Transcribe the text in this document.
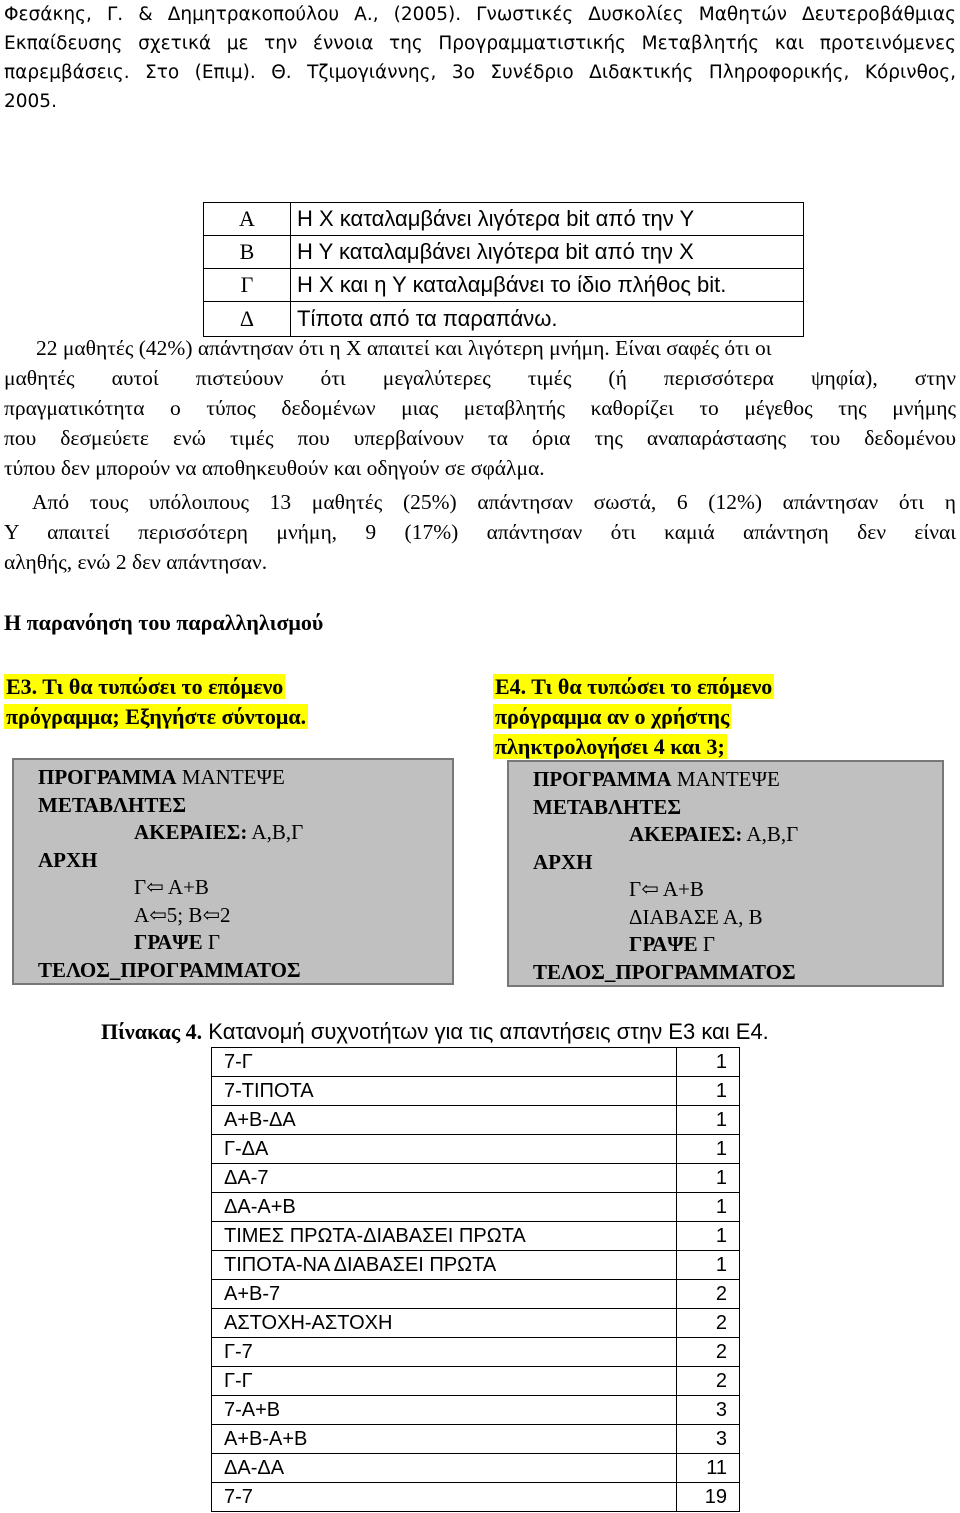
Φεσάκης, Γ. & Δημητρακοπούλου Α., (2005). Γνωστικές Δυσκολίες Μαθητών Δευτεροβάθμιας
Εκπαίδευσης σχετικά με την έννοια της Προγραμματιστικής Μεταβλητής και προτεινόμενες
παρεμβάσεις. Στο (Επιμ). Θ. Τζιμογιάννης, 3ο Συνέδριο Διδακτικής Πληροφορικής, Κόρινθος,
2005.
Α	Η Χ καταλαμβάνει λιγότερα bit από την Υ
Β	Η Υ καταλαμβάνει λιγότερα bit από την Χ
Γ	Η Χ και η Υ καταλαμβάνει το ίδιο πλήθος bit.
Δ	Τίποτα από τα παραπάνω.
22 μαθητές (42%) απάντησαν ότι η Χ απαιτεί και λιγότερη μνήμη. Είναι σαφές ότι οι
μαθητές αυτοί πιστεύουν ότι μεγαλύτερες τιμές (ή περισσότερα ψηφία), στην
πραγματικότητα ο τύπος δεδομένων μιας μεταβλητής καθορίζει το μέγεθος της μνήμης
που δεσμεύετε ενώ τιμές που υπερβαίνουν τα όρια της αναπαράστασης του δεδομένου
τύπου δεν μπορούν να αποθηκευθούν και οδηγούν σε σφάλμα.
Από τους υπόλοιπους 13 μαθητές (25%) απάντησαν σωστά, 6 (12%) απάντησαν ότι η
Υ απαιτεί περισσότερη μνήμη, 9 (17%) απάντησαν ότι καμιά απάντηση δεν είναι
αληθής, ενώ 2 δεν απάντησαν.
Η παρανόηση του παραλληλισμού
Ε3. Τι θα τυπώσει το επόμενο
πρόγραμμα; Εξηγήστε σύντομα.
Ε4. Τι θα τυπώσει το επόμενο
πρόγραμμα αν ο χρήστης
πληκτρολογήσει 4 και 3;
ΠΡΟΓΡΑΜΜΑ ΜΑΝΤΕΨΕ
ΜΕΤΑΒΛΗΤΕΣ
ΑΚΕΡΑΙΕΣ: Α,Β,Γ
ΑΡΧΗ
Γ⇦ Α+Β
Α⇦5; Β⇦2
ΓΡΑΨΕ Γ
ΤΕΛΟΣ_ΠΡΟΓΡΑΜΜΑΤΟΣ
ΠΡΟΓΡΑΜΜΑ ΜΑΝΤΕΨΕ
ΜΕΤΑΒΛΗΤΕΣ
ΑΚΕΡΑΙΕΣ: Α,Β,Γ
ΑΡΧΗ
Γ⇦ Α+Β
ΔΙΑΒΑΣΕ Α, Β
ΓΡΑΨΕ Γ
ΤΕΛΟΣ_ΠΡΟΓΡΑΜΜΑΤΟΣ
Πίνακας 4. Κατανομή συχνοτήτων για τις απαντήσεις στην Ε3 και Ε4.
7-Γ	1
7-ΤΙΠΟΤΑ	1
Α+Β-ΔΑ	1
Γ-ΔΑ	1
ΔΑ-7	1
ΔΑ-Α+Β	1
ΤΙΜΕΣ ΠΡΩΤΑ-ΔΙΑΒΑΣΕΙ ΠΡΩΤΑ	1
ΤΙΠΟΤΑ-ΝΑ ΔΙΑΒΑΣΕΙ ΠΡΩΤΑ	1
Α+Β-7	2
ΑΣΤΟΧΗ-ΑΣΤΟΧΗ	2
Γ-7	2
Γ-Γ	2
7-Α+Β	3
Α+Β-Α+Β	3
ΔΑ-ΔΑ	11
7-7	19
